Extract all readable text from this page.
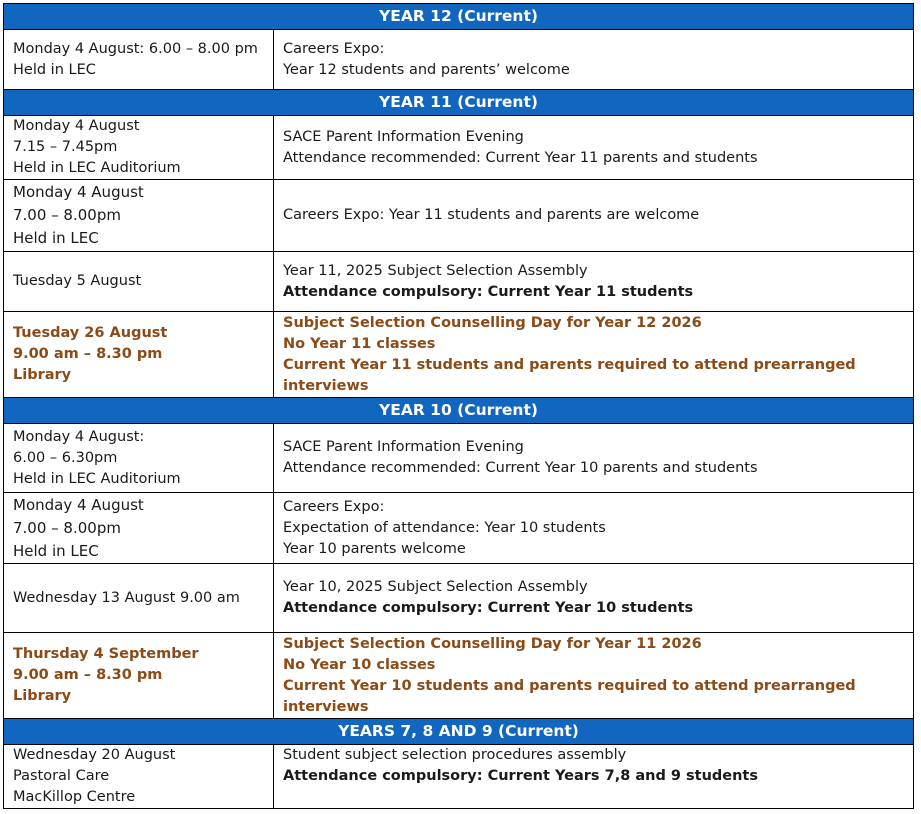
YEAR 12 (Current)	

Monday 4 August: 6.00 – 8.00 pm
Held in LEC	Careers Expo:
Year 12 students and parents’ welcome

YEAR 11 (Current)	

Monday 4 August
7.15 – 7.45pm
Held in LEC Auditorium	SACE Parent Information Evening
Attendance recommended: Current Year 11 parents and students

Monday 4 August
7.00 – 8.00pm
Held in LEC	Careers Expo: Year 11 students and parents are welcome

Tuesday 5 August	Year 11, 2025 Subject Selection Assembly
Attendance compulsory: Current Year 11 students

Tuesday 26 August
9.00 am – 8.30 pm
Library	Subject Selection Counselling Day for Year 12 2026
No Year 11 classes
Current Year 11 students and parents required to attend prearranged interviews

YEAR 10 (Current)	

Monday 4 August:
6.00 – 6.30pm
Held in LEC Auditorium	SACE Parent Information Evening
Attendance recommended: Current Year 10 parents and students

Monday 4 August
7.00 – 8.00pm
Held in LEC	Careers Expo:
Expectation of attendance: Year 10 students
Year 10 parents welcome

Wednesday 13 August 9.00 am	Year 10, 2025 Subject Selection Assembly
Attendance compulsory: Current Year 10 students

Thursday 4 September
9.00 am – 8.30 pm
Library	Subject Selection Counselling Day for Year 11 2026
No Year 10 classes
Current Year 10 students and parents required to attend prearranged interviews

YEARS 7, 8 AND 9 (Current)	

Wednesday 20 August
Pastoral Care
MacKillop Centre	Student subject selection procedures assembly
Attendance compulsory: Current Years 7,8 and 9 students
